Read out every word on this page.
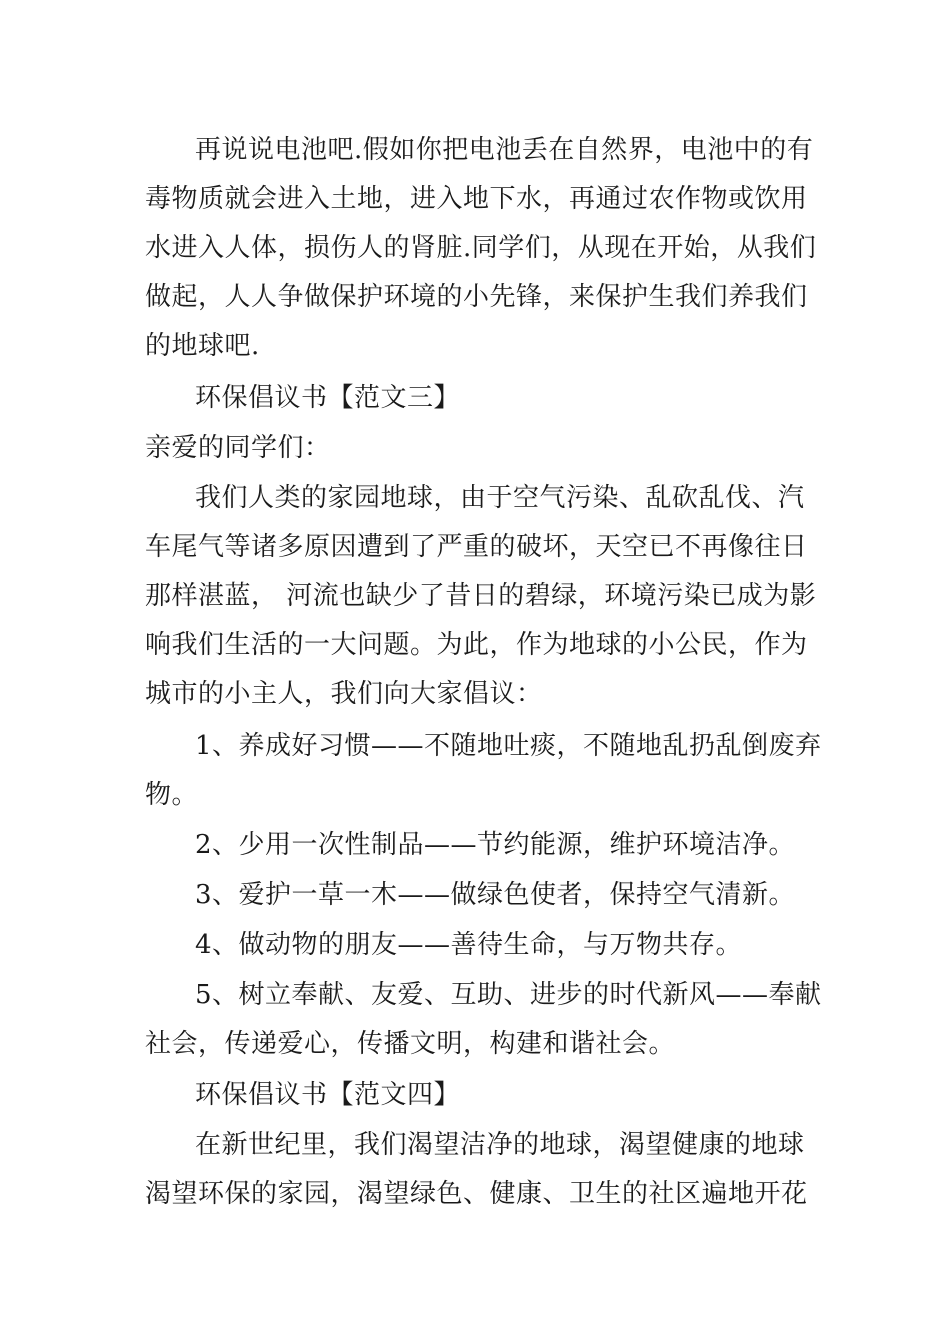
再说说电池吧.假如你把电池丢在自然界，电池中的有
毒物质就会进入土地，进入地下水，再通过农作物或饮用
水进入人体，损伤人的肾脏.同学们，从现在开始，从我们
做起，人人争做保护环境的小先锋，来保护生我们养我们
的地球吧.
环保倡议书【范文三】
亲爱的同学们：
我们人类的家园地球，由于空气污染、乱砍乱伐、汽
车尾气等诸多原因遭到了严重的破坏，天空已不再像往日
那样湛蓝， 河流也缺少了昔日的碧绿，环境污染已成为影
响我们生活的一大问题。为此，作为地球的小公民，作为
城市的小主人，我们向大家倡议：
1、养成好习惯——不随地吐痰，不随地乱扔乱倒废弃
物。
2、少用一次性制品——节约能源，维护环境洁净。
3、爱护一草一木——做绿色使者，保持空气清新。
4、做动物的朋友——善待生命，与万物共存。
5、树立奉献、友爱、互助、进步的时代新风——奉献
社会，传递爱心，传播文明，构建和谐社会。
环保倡议书【范文四】
在新世纪里，我们渴望洁净的地球，渴望健康的地球
渴望环保的家园，渴望绿色、健康、卫生的社区遍地开花
